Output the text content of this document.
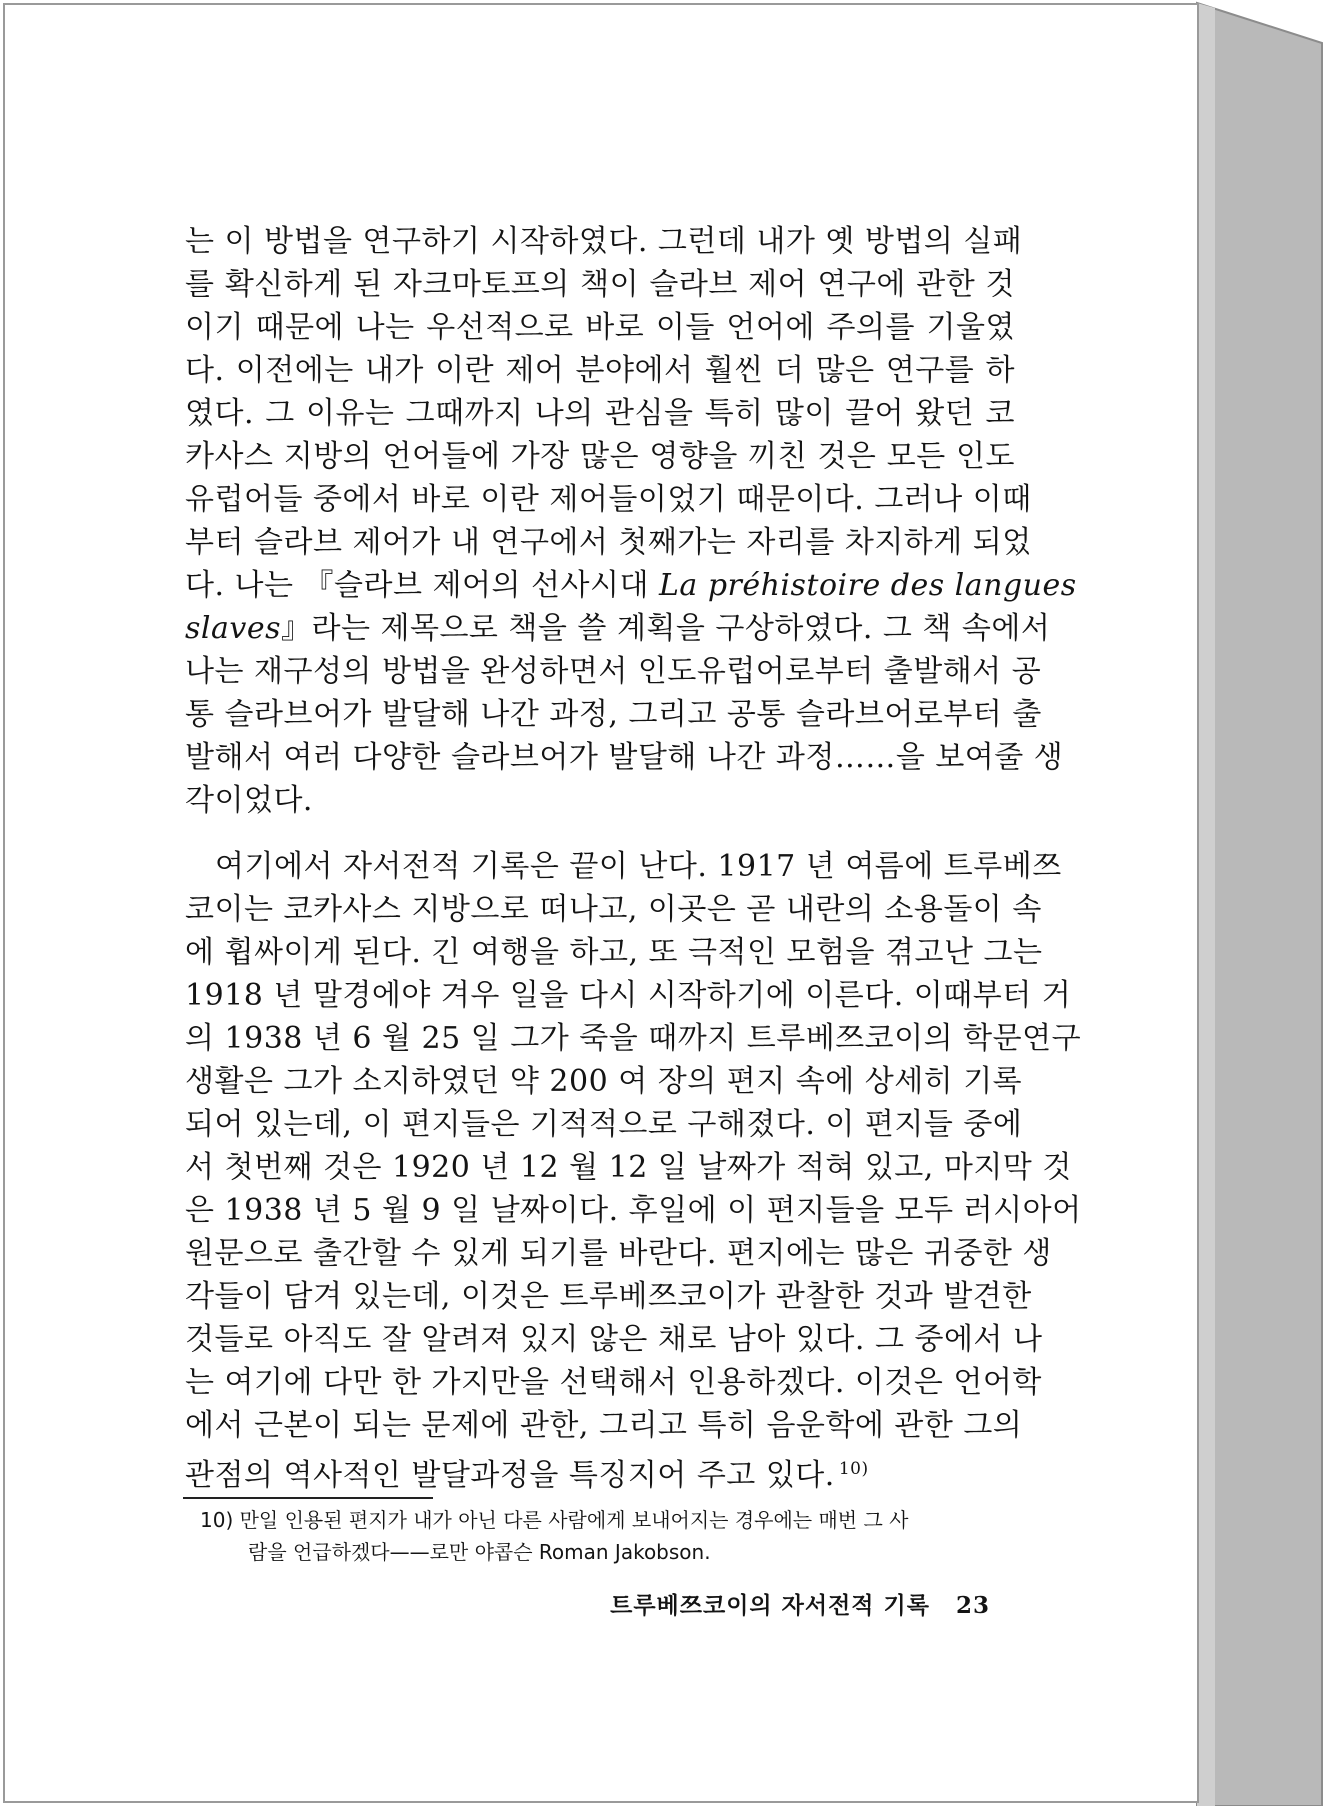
는 이 방법을 연구하기 시작하였다. 그런데 내가 옛 방법의 실패
를 확신하게 된 자크마토프의 책이 슬라브 제어 연구에 관한 것
이기 때문에 나는 우선적으로 바로 이들 언어에 주의를 기울였
다. 이전에는 내가 이란 제어 분야에서 훨씬 더 많은 연구를 하
였다. 그 이유는 그때까지 나의 관심을 특히 많이 끌어 왔던 코
카사스 지방의 언어들에 가장 많은 영향을 끼친 것은 모든 인도
유럽어들 중에서 바로 이란 제어들이었기 때문이다. 그러나 이때
부터 슬라브 제어가 내 연구에서 첫째가는 자리를 차지하게 되었
다. 나는 『슬라브 제어의 선사시대 La préhistoire des langues
slaves』라는 제목으로 책을 쓸 계획을 구상하였다. 그 책 속에서
나는 재구성의 방법을 완성하면서 인도유럽어로부터 출발해서 공
통 슬라브어가 발달해 나간 과정, 그리고 공통 슬라브어로부터 출
발해서 여러 다양한 슬라브어가 발달해 나간 과정……을 보여줄 생
각이었다.
여기에서 자서전적 기록은 끝이 난다. 1917 년 여름에 트루베쯔
코이는 코카사스 지방으로 떠나고, 이곳은 곧 내란의 소용돌이 속
에 휩싸이게 된다. 긴 여행을 하고, 또 극적인 모험을 겪고난 그는
1918 년 말경에야 겨우 일을 다시 시작하기에 이른다. 이때부터 거
의 1938 년 6 월 25 일 그가 죽을 때까지 트루베쯔코이의 학문연구
생활은 그가 소지하였던 약 200 여 장의 편지 속에 상세히 기록
되어 있는데, 이 편지들은 기적적으로 구해졌다. 이 편지들 중에
서 첫번째 것은 1920 년 12 월 12 일 날짜가 적혀 있고, 마지막 것
은 1938 년 5 월 9 일 날짜이다. 후일에 이 편지들을 모두 러시아어
원문으로 출간할 수 있게 되기를 바란다. 편지에는 많은 귀중한 생
각들이 담겨 있는데, 이것은 트루베쯔코이가 관찰한 것과 발견한
것들로 아직도 잘 알려져 있지 않은 채로 남아 있다. 그 중에서 나
는 여기에 다만 한 가지만을 선택해서 인용하겠다. 이것은 언어학
에서 근본이 되는 문제에 관한, 그리고 특히 음운학에 관한 그의
관점의 역사적인 발달과정을 특징지어 주고 있다. $^{10)}$
10) 만일 인용된 편지가 내가 아닌 다른 사람에게 보내어지는 경우에는 매번 그 사
람을 언급하겠다——로만 야콥슨 Roman Jakobson.
트루베쯔코이의 자서전적 기록 23
